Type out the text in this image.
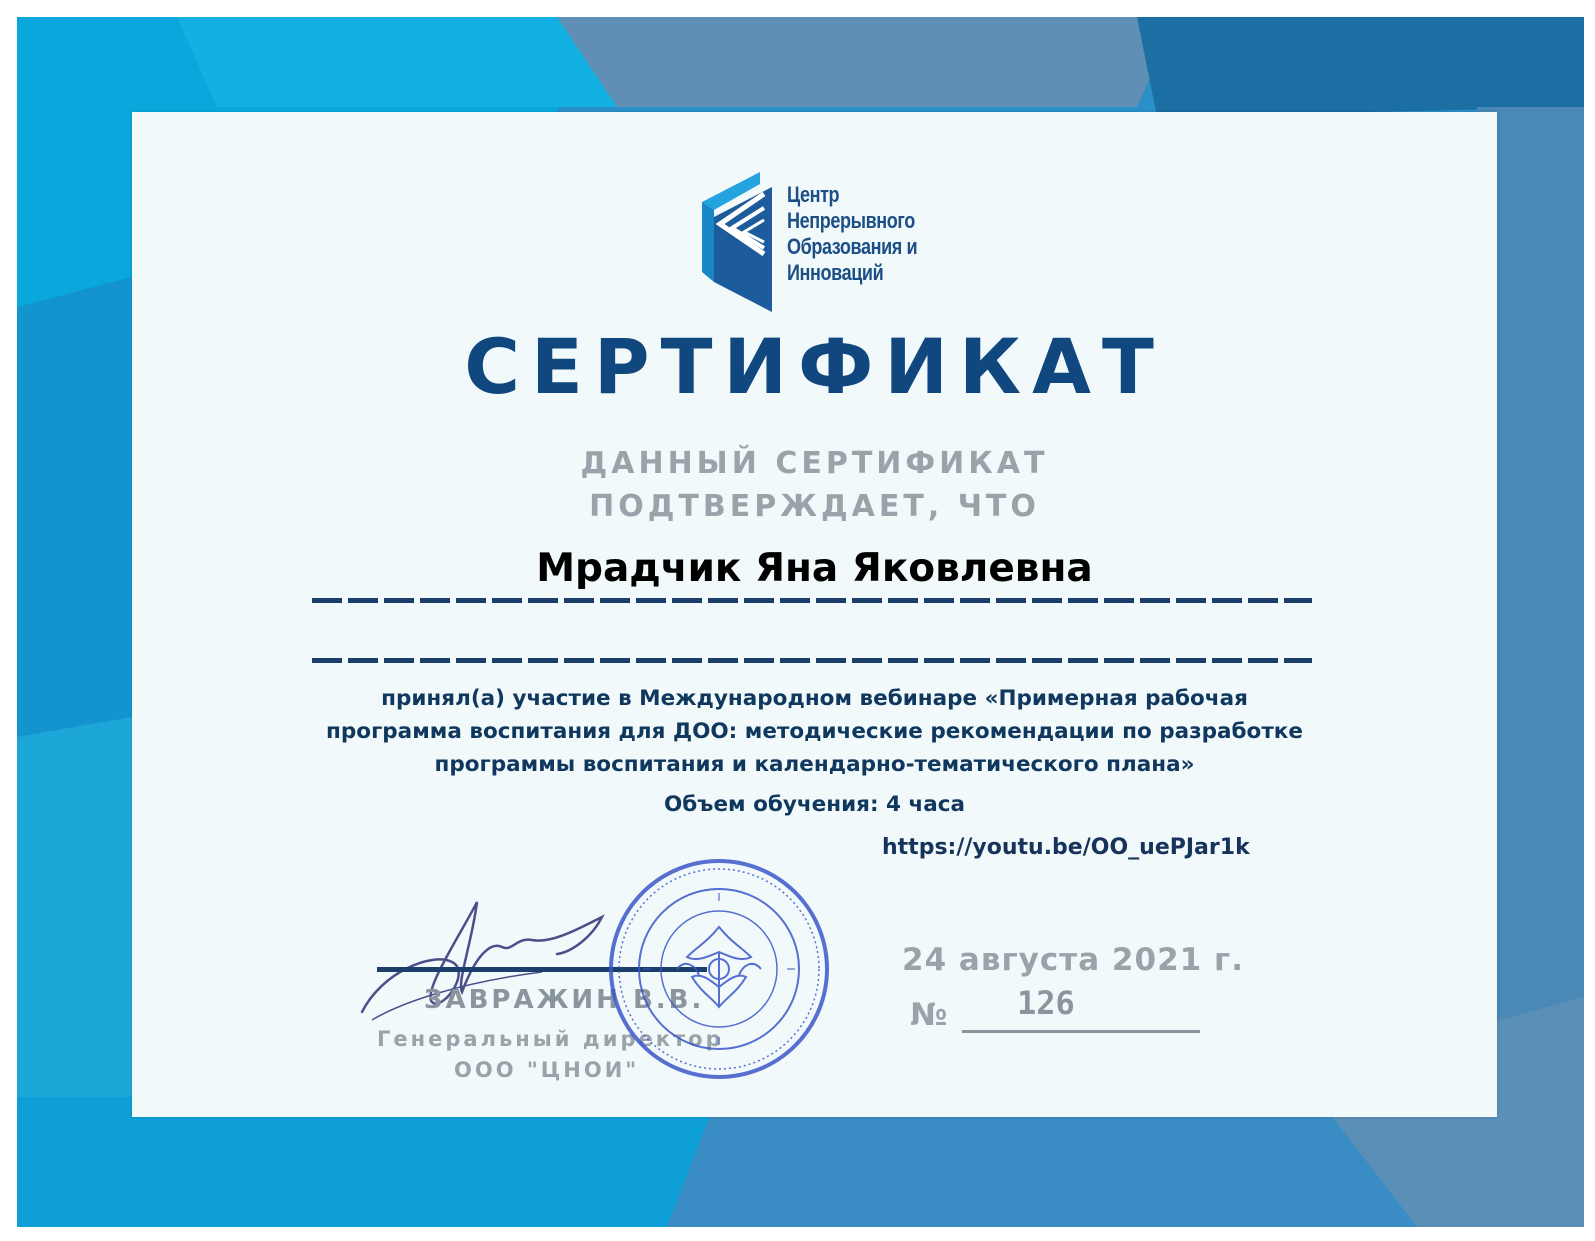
Центр
Непрерывного
Образования и
Инноваций
СЕРТИФИКАТ
ДАННЫЙ СЕРТИФИКАТ
ПОДТВЕРЖДАЕТ, ЧТО
Мрадчик Яна Яковлевна
принял(а) участие в Международном вебинаре «Примерная рабочая
программа воспитания для ДОО: методические рекомендации по разработке
программы воспитания и календарно-тематического плана»
Объем обучения: 4 часа
https://youtu.be/OO_uePJar1k
ЗАВРАЖИН В.В.
Генеральный директор
ООО "ЦНОИ"
24 августа 2021 г.
№ 126
